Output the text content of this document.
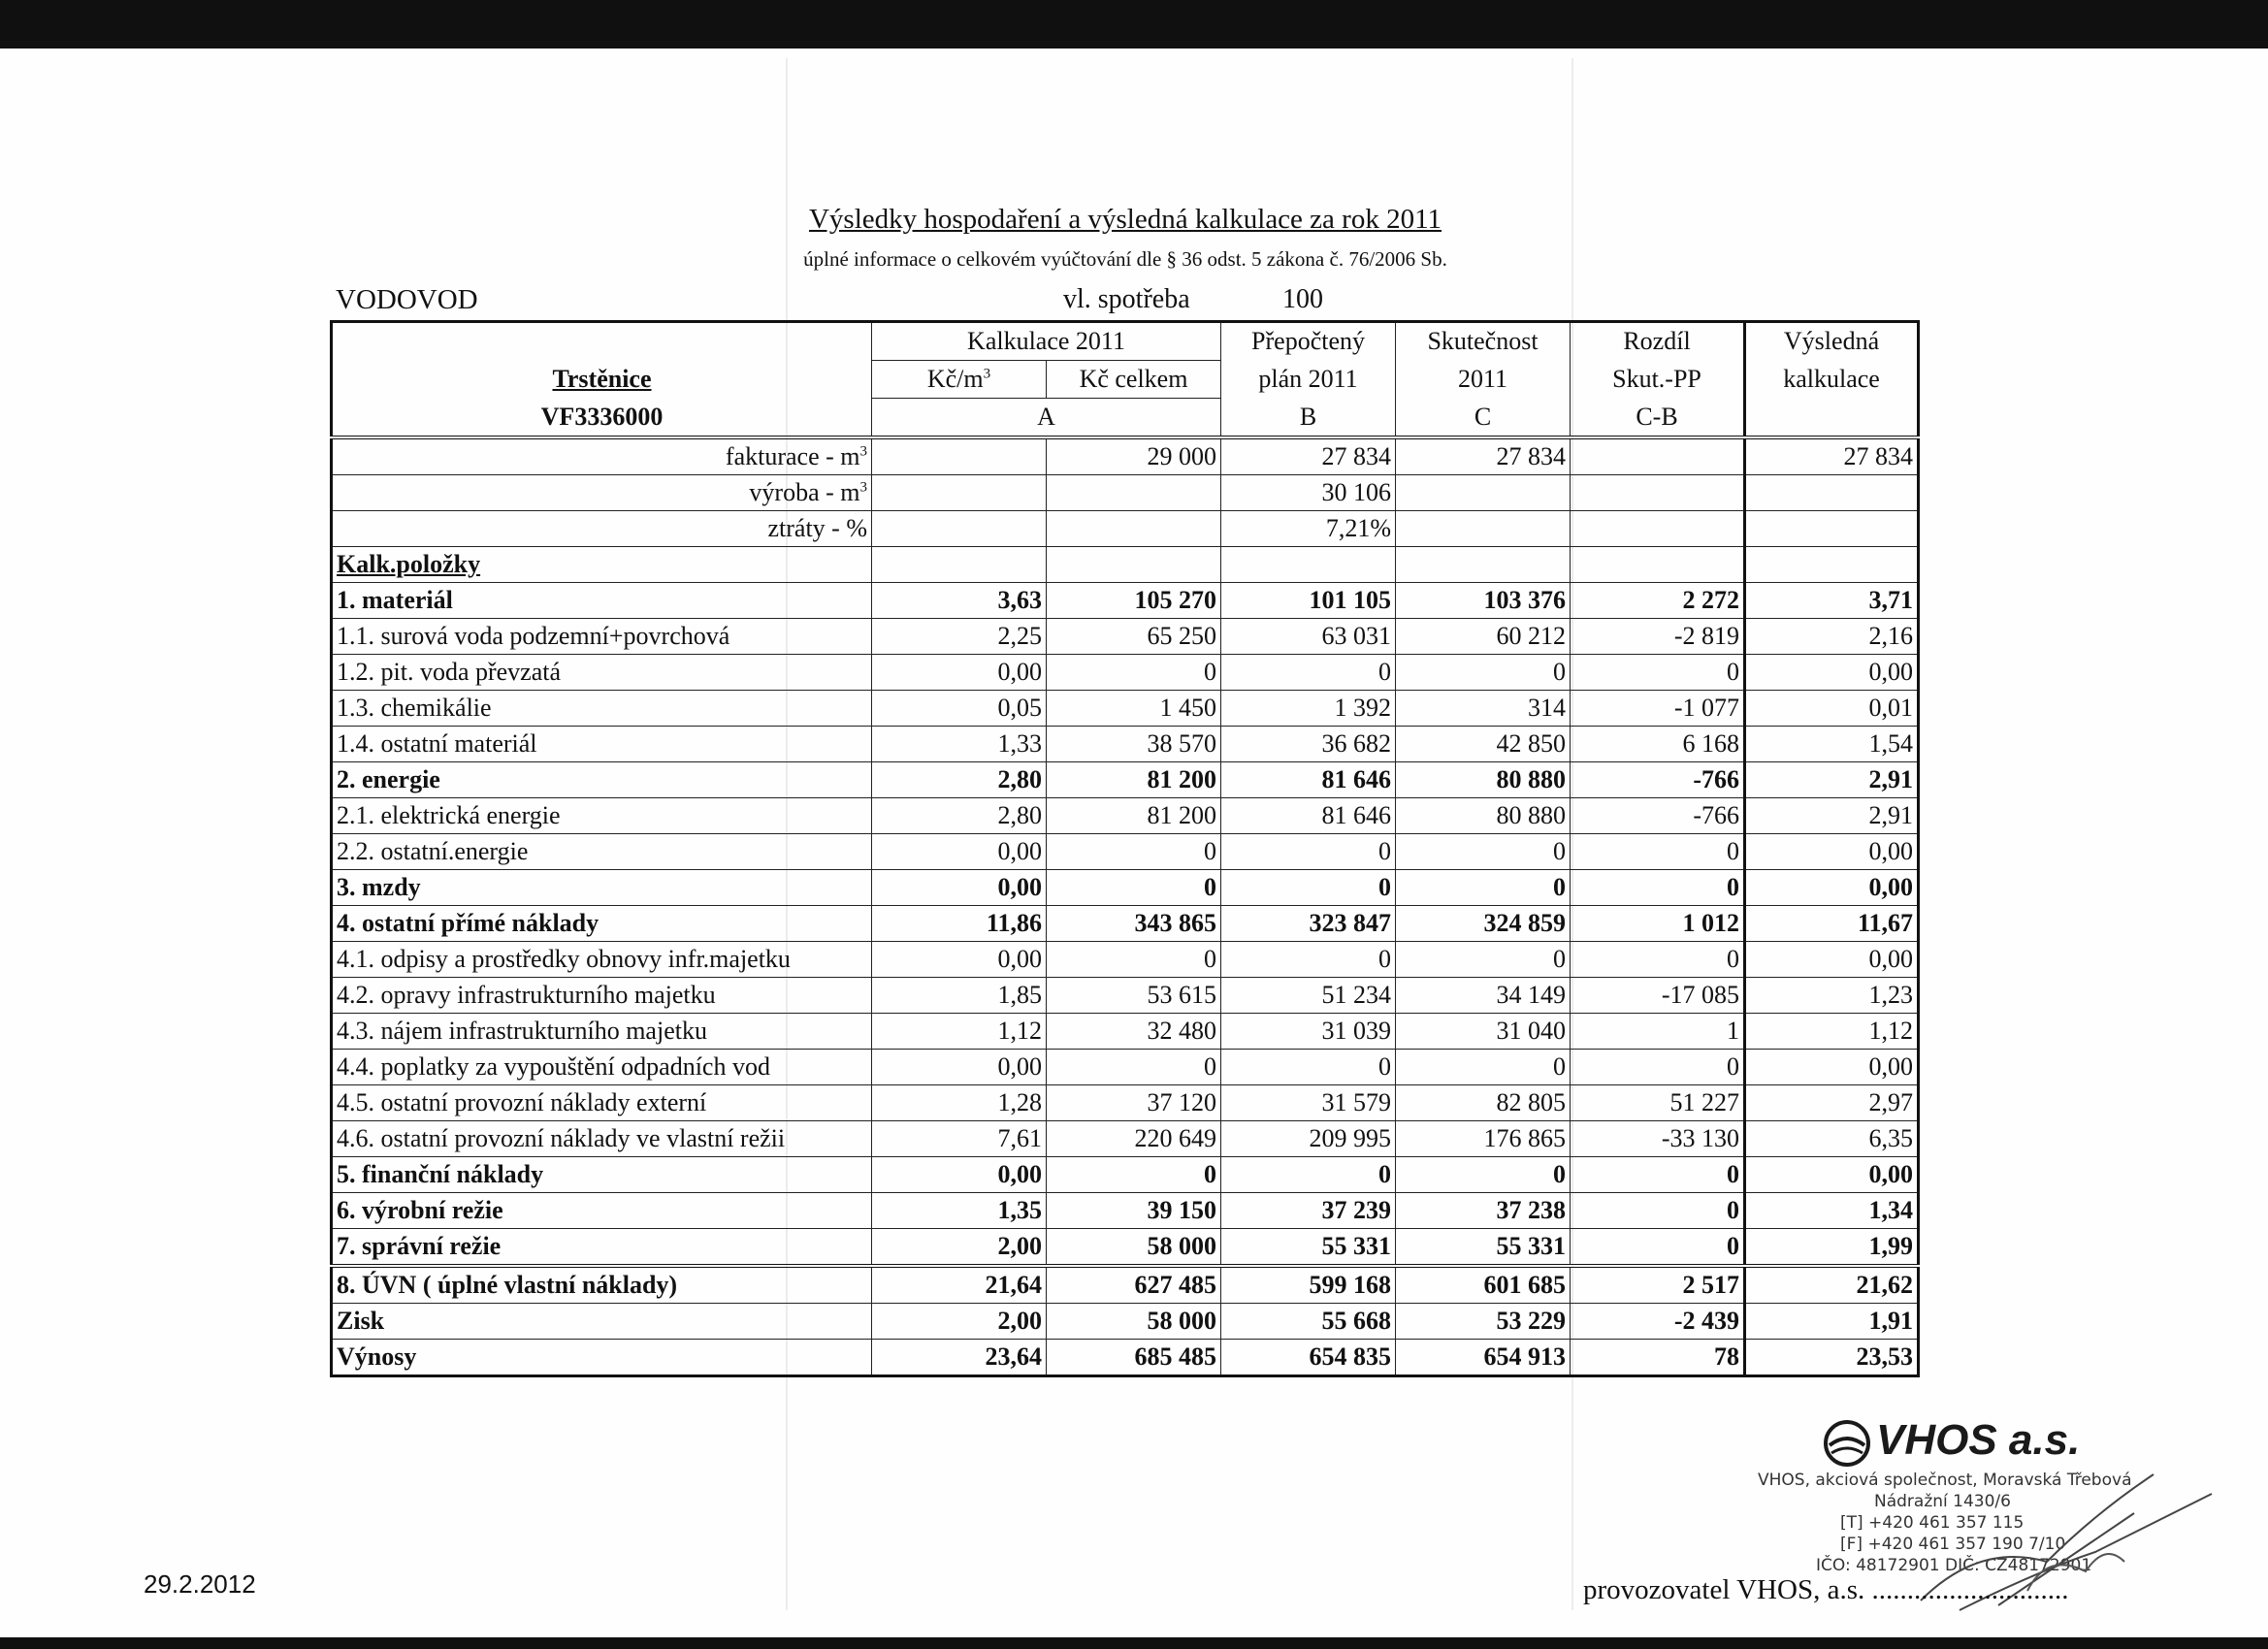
Výsledky hospodaření a výsledná kalkulace za rok 2011
úplné informace o celkovém vyúčtování dle § 36 odst. 5 zákona č. 76/2006 Sb.
VODOVOD	vl. spotřeba	100
	Kalkulace 2011		Přepočtený	Skutečnost	Rozdíl	Výsledná
Trstěnice	$Kč/m^3$	Kč celkem	plán 2011	2011	Skut.-PP	kalkulace
VF3336000	A		B	C	C-B	
fakturace - $m^3$		29 000	27 834	27 834		27 834
výroba - $m^3$			30 106			
ztráty - %			7,21%			
Kalk.položky						
1. materiál	3,63	105 270	101 105	103 376	2 272	3,71
1.1. surová voda podzemní+povrchová	2,25	65 250	63 031	60 212	-2 819	2,16
1.2. pit. voda převzatá	0,00	0	0	0	0	0,00
1.3. chemikálie	0,05	1 450	1 392	314	-1 077	0,01
1.4. ostatní materiál	1,33	38 570	36 682	42 850	6 168	1,54
2. energie	2,80	81 200	81 646	80 880	-766	2,91
2.1. elektrická energie	2,80	81 200	81 646	80 880	-766	2,91
2.2. ostatní.energie	0,00	0	0	0	0	0,00
3. mzdy	0,00	0	0	0	0	0,00
4. ostatní přímé náklady	11,86	343 865	323 847	324 859	1 012	11,67
4.1. odpisy a prostředky obnovy infr.majetku	0,00	0	0	0	0	0,00
4.2. opravy infrastrukturního majetku	1,85	53 615	51 234	34 149	-17 085	1,23
4.3. nájem infrastrukturního majetku	1,12	32 480	31 039	31 040	1	1,12
4.4. poplatky za vypouštění odpadních vod	0,00	0	0	0	0	0,00
4.5. ostatní provozní náklady externí	1,28	37 120	31 579	82 805	51 227	2,97
4.6. ostatní provozní náklady ve vlastní režii	7,61	220 649	209 995	176 865	-33 130	6,35
5. finanční náklady	0,00	0	0	0	0	0,00
6. výrobní režie	1,35	39 150	37 239	37 238	0	1,34
7. správní režie	2,00	58 000	55 331	55 331	0	1,99
8. ÚVN ( úplné vlastní náklady)	21,64	627 485	599 168	601 685	2 517	21,62
Zisk	2,00	58 000	55 668	53 229	-2 439	1,91
Výnosy	23,64	685 485	654 835	654 913	78	23,53
29.2.2012
VHOS a.s.
VHOS, akciová společnost, Moravská Třebová
Nádražní 1430/6
[T] +420 461 357 115
[F] +420 461 357 190 7/10
IČO: 48172901 DIČ: CZ48172901
provozovatel VHOS, a.s. ............................
